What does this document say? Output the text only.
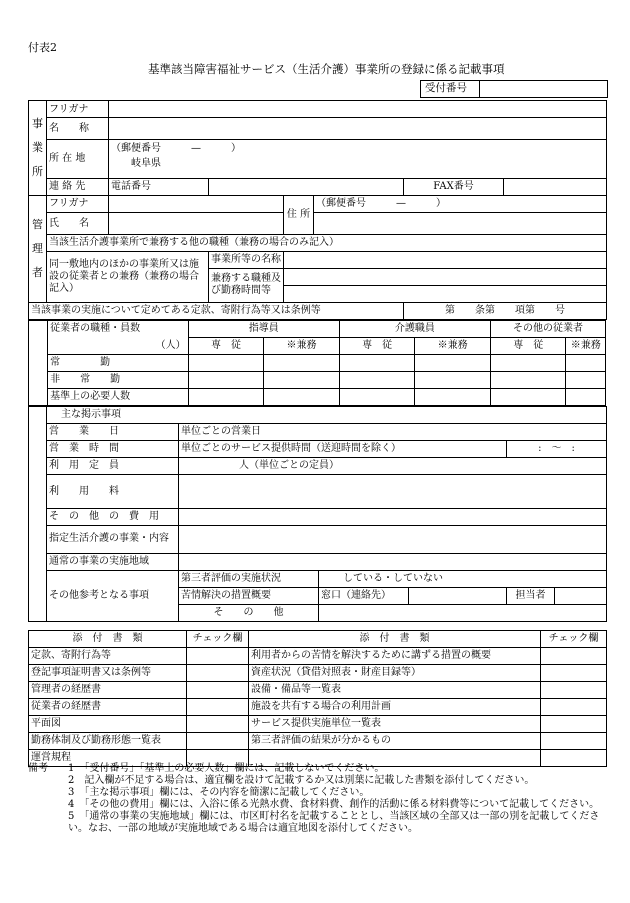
付表2
基準該当障害福祉サービス（生活介護）事業所の登録に係る記載事項
受付番号
事業所	フリガナ						
	名　　称						
	所 在 地	（郵便番号　　　—　　　）					
		岐阜県					
	連 絡 先	電話番号				FAX番号	
管理者	フリガナ			住 所	（郵便番号　　　—　　　）		
	氏　　名						
	当該生活介護事業所で兼務する他の職種（兼務の場合のみ記入）						
	同一敷地内のほかの事業所又は施設の従業者との兼務（兼務の場合記入）		事業所等の名称				
			兼務する職種及び勤務時間等				

当該事業の実施について定めてある定款、寄附行為等又は条例等						第　　条第　　項第　　号	
	従業者の職種・員数	指導員		介護職員		その他の従業者	
	（人）	専　従	※兼務	専　従	※兼務	専　従	※兼務
	常　　　　勤						
	非　　常　　勤						
	基準上の必要人数						
	主な掲示事項					
	営　　業　　日	単位ごとの営業日				
	営　業　時　間	単位ごとのサービス提供時間（送迎時間を除く）			:　〜　:	
	利　用　定　員	人（単位ごとの定員）				
	利　　用　　料					
	そ　の　他　の　費　用					
	指定生活介護の事業・内容					
	通常の事業の実施地域					
	その他参考となる事項	第三者評価の実施状況	している・していない			
		苦情解決の措置概要	窓口（連絡先）		担当者	
		そ　　の　　他				
添　付　書　類	チェック欄	添　付　書　類	チェック欄
定款、寄附行為等		利用者からの苦情を解決するために講ずる措置の概要	
登記事項証明書又は条例等		資産状況（貸借対照表・財産目録等）	
管理者の経歴書		設備・備品等一覧表	
従業者の経歴書		施設を共有する場合の利用計画	
平面図		サービス提供実施単位一覧表	
勤務体制及び勤務形態一覧表		第三者評価の結果が分かるもの	
運営規程			
備考 1　「受付番号」「基準上の必要人数」欄には、記載しないでください。
2　記入欄が不足する場合は、適宜欄を設けて記載するか又は別葉に記載した書類を添付してください。
3　「主な掲示事項」欄には、その内容を簡潔に記載してください。
4　「その他の費用」欄には、入浴に係る光熱水費、食材料費、創作的活動に係る材料費等について記載してください。
5　「通常の事業の実施地域」欄には、市区町村名を記載することとし、当該区域の全部又は一部の別を記載してください。なお、一部の地域が実施地域である場合は適宜地図を添付してください。
